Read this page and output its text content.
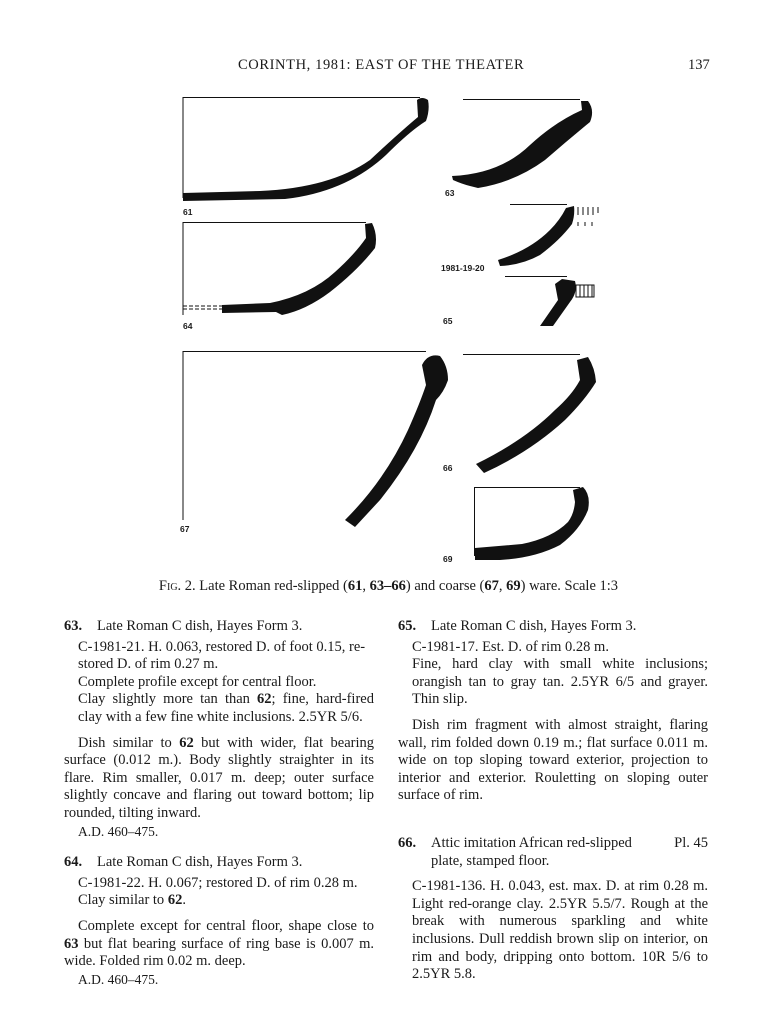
CORINTH, 1981: EAST OF THE THEATER	137
61
63
1981-19-20
64	65
67
66
69
Fig. 2. Late Roman red-slipped (61, 63–66) and coarse (67, 69) ware. Scale 1:3
63.	Late Roman C dish, Hayes Form 3.
C-1981-21. H. 0.063, restored D. of foot 0.15, re-
stored D. of rim 0.27 m.
Complete profile except for central floor.
Clay slightly more tan than 62; fine, hard-fired clay with a few fine white inclusions. 2.5YR 5/6.
Dish similar to 62 but with wider, flat bearing surface (0.012 m.). Body slightly straighter in its flare. Rim smaller, 0.017 m. deep; outer surface slightly concave and flaring out toward bottom; lip rounded, tilting inward.
A.D. 460–475.
64.	Late Roman C dish, Hayes Form 3.
C-1981-22. H. 0.067; restored D. of rim 0.28 m.
Clay similar to 62.
Complete except for central floor, shape close to 63 but flat bearing surface of ring base is 0.007 m. wide. Folded rim 0.02 m. deep.
A.D. 460–475.
65.	Late Roman C dish, Hayes Form 3.
C-1981-17. Est. D. of rim 0.28 m.
Fine, hard clay with small white inclusions; orangish tan to gray tan. 2.5YR 6/5 and grayer. Thin slip.
Dish rim fragment with almost straight, flaring wall, rim folded down 0.19 m.; flat surface 0.011 m. wide on top sloping toward exterior, projection to interior and exterior. Rouletting on sloping outer surface of rim.
66.	Attic imitation African red-slipped plate, stamped floor.
Pl. 45
C-1981-136. H. 0.043, est. max. D. at rim 0.28 m. Light red-orange clay. 2.5YR 5.5/7. Rough at the break with numerous sparkling and white inclusions. Dull reddish brown slip on interior, on rim and body, dripping onto bottom. 10R 5/6 to 2.5YR 5.8.
